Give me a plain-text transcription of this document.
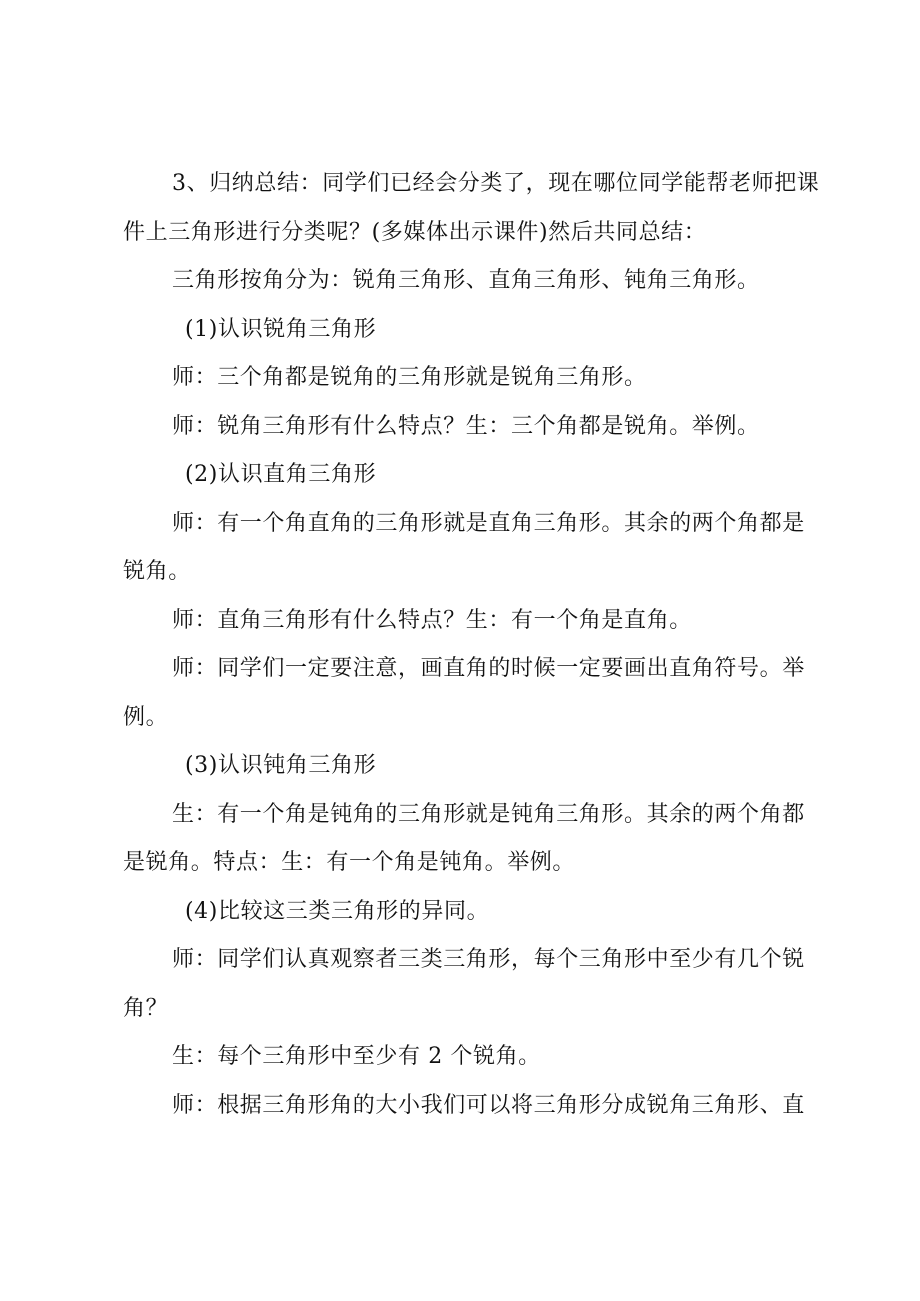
3、归纳总结：同学们已经会分类了，现在哪位同学能帮老师把课件上三角形进行分类呢？(多媒体出示课件)然后共同总结：

三角形按角分为：锐角三角形、直角三角形、钝角三角形。

(1)认识锐角三角形

师：三个角都是锐角的三角形就是锐角三角形。

师：锐角三角形有什么特点？生：三个角都是锐角。举例。

(2)认识直角三角形

师：有一个角直角的三角形就是直角三角形。其余的两个角都是锐角。

师：直角三角形有什么特点？生：有一个角是直角。

师：同学们一定要注意，画直角的时候一定要画出直角符号。举例。

(3)认识钝角三角形

生：有一个角是钝角的三角形就是钝角三角形。其余的两个角都是锐角。特点：生：有一个角是钝角。举例。

(4)比较这三类三角形的异同。

师：同学们认真观察者三类三角形，每个三角形中至少有几个锐角？

生：每个三角形中至少有 2 个锐角。

师：根据三角形角的大小我们可以将三角形分成锐角三角形、直
